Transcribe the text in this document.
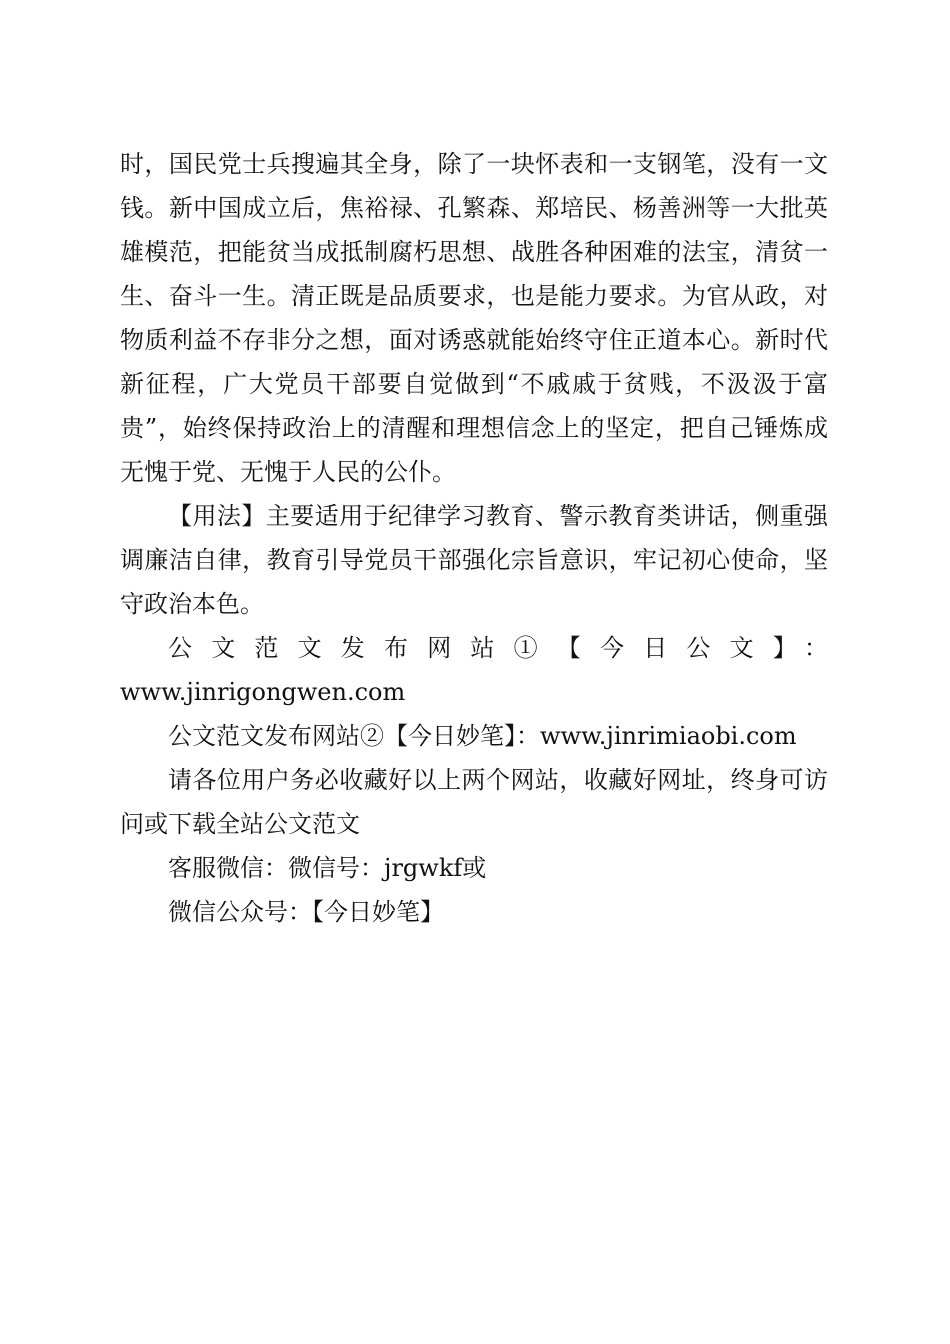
时，国民党士兵搜遍其全身，除了一块怀表和一支钢笔，没有一文钱。新中国成立后，焦裕禄、孔繁森、郑培民、杨善洲等一大批英雄模范，把能贫当成抵制腐朽思想、战胜各种困难的法宝，清贫一生、奋斗一生。清正既是品质要求，也是能力要求。为官从政，对物质利益不存非分之想，面对诱惑就能始终守住正道本心。新时代新征程，广大党员干部要自觉做到“不戚戚于贫贱，不汲汲于富贵”，始终保持政治上的清醒和理想信念上的坚定，把自己锤炼成无愧于党、无愧于人民的公仆。

【用法】主要适用于纪律学习教育、警示教育类讲话，侧重强调廉洁自律，教育引导党员干部强化宗旨意识，牢记初心使命，坚守政治本色。

公文范文发布网站①【今日公文】：

www.jinrigongwen.com

公文范文发布网站②【今日妙笔】：www.jinrimiaobi.com

请各位用户务必收藏好以上两个网站，收藏好网址，终身可访问或下载全站公文范文

客服微信：微信号：jrgwkf或

微信公众号：【今日妙笔】
